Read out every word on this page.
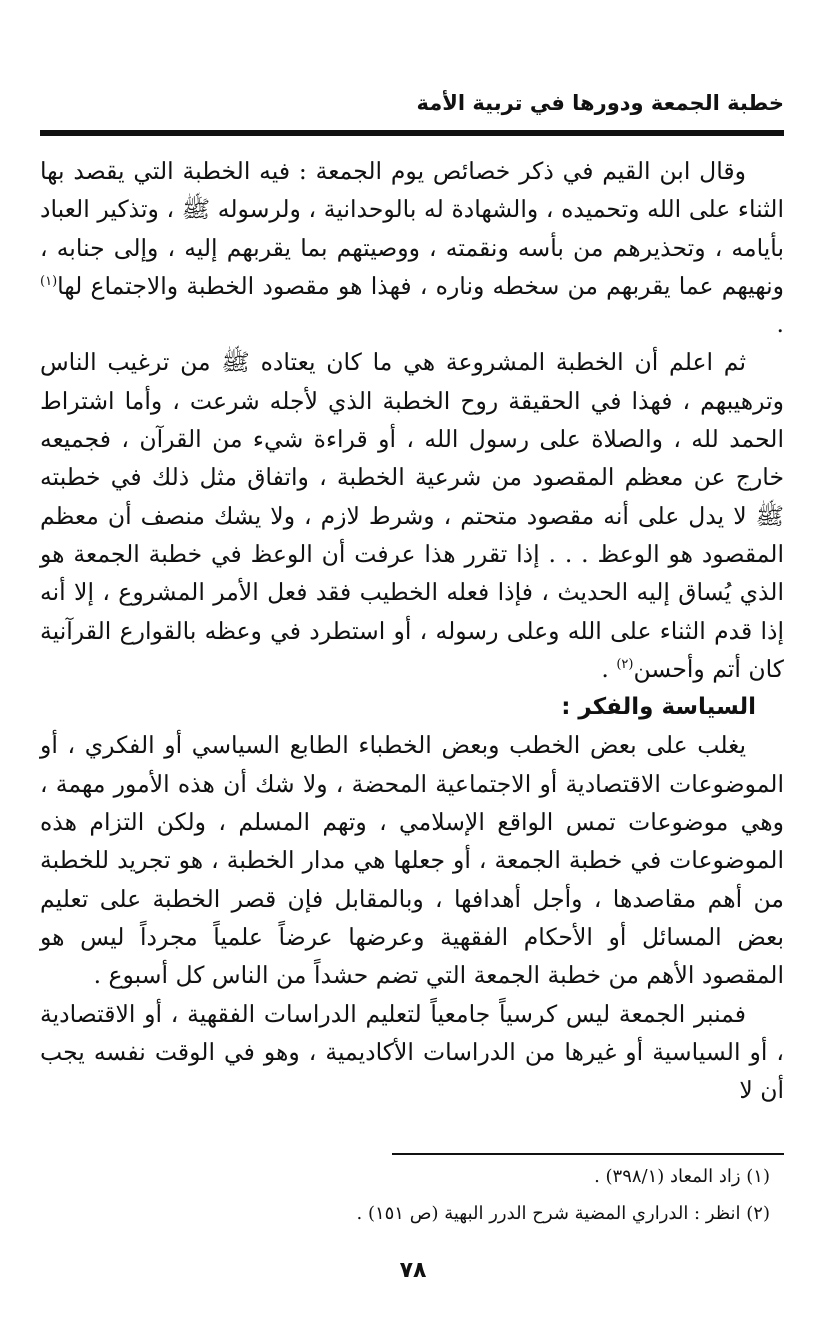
خطبة الجمعة ودورها في تربية الأمة

وقال ابن القيم في ذكر خصائص يوم الجمعة : فيه الخطبة التي يقصد بها الثناء على الله وتحميده ، والشهادة له بالوحدانية ، ولرسوله ﷺ ، وتذكير العباد بأيامه ، وتحذيرهم من بأسه ونقمته ، ووصيتهم بما يقربهم إليه ، وإلى جنابه ، ونهيهم عما يقربهم من سخطه وناره ، فهذا هو مقصود الخطبة والاجتماع لها$^{(١)}$ .

ثم اعلم أن الخطبة المشروعة هي ما كان يعتاده ﷺ من ترغيب الناس وترهيبهم ، فهذا في الحقيقة روح الخطبة الذي لأجله شرعت ، وأما اشتراط الحمد لله ، والصلاة على رسول الله ، أو قراءة شيء من القرآن ، فجميعه خارج عن معظم المقصود من شرعية الخطبة ، واتفاق مثل ذلك في خطبته ﷺ لا يدل على أنه مقصود متحتم ، وشرط لازم ، ولا يشك منصف أن معظم المقصود هو الوعظ . . . إذا تقرر هذا عرفت أن الوعظ في خطبة الجمعة هو الذي يُساق إليه الحديث ، فإذا فعله الخطيب فقد فعل الأمر المشروع ، إلا أنه إذا قدم الثناء على الله وعلى رسوله ، أو استطرد في وعظه بالقوارع القرآنية كان أتم وأحسن$^{(٢)}$ .

السياسة والفكر :

يغلب على بعض الخطب وبعض الخطباء الطابع السياسي أو الفكري ، أو الموضوعات الاقتصادية أو الاجتماعية المحضة ، ولا شك أن هذه الأمور مهمة ، وهي موضوعات تمس الواقع الإسلامي ، وتهم المسلم ، ولكن التزام هذه الموضوعات في خطبة الجمعة ، أو جعلها هي مدار الخطبة ، هو تجريد للخطبة من أهم مقاصدها ، وأجل أهدافها ، وبالمقابل فإن قصر الخطبة على تعليم بعض المسائل أو الأحكام الفقهية وعرضها عرضاً علمياً مجرداً ليس هو المقصود الأهم من خطبة الجمعة التي تضم حشداً من الناس كل أسبوع .

فمنبر الجمعة ليس كرسياً جامعياً لتعليم الدراسات الفقهية ، أو الاقتصادية ، أو السياسية أو غيرها من الدراسات الأكاديمية ، وهو في الوقت نفسه يجب أن لا

(١) زاد المعاد (٣٩٨/١) .
(٢) انظر : الدراري المضية شرح الدرر البهية (ص ١٥١) .
٧٨
